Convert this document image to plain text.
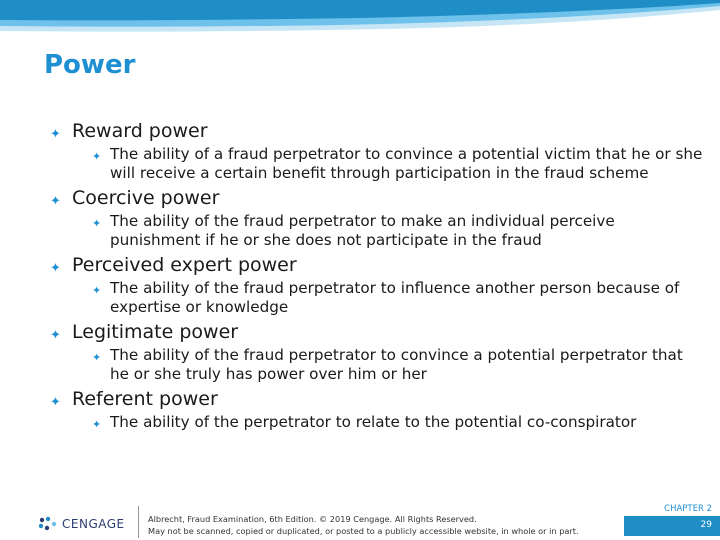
Power
✦ Reward power
✦ The ability of a fraud perpetrator to convince a potential victim that he or she will receive a certain benefit through participation in the fraud scheme
✦ Coercive power
✦ The ability of the fraud perpetrator to make an individual perceive punishment if he or she does not participate in the fraud
✦ Perceived expert power
✦ The ability of the fraud perpetrator to influence another person because of expertise or knowledge
✦ Legitimate power
✦ The ability of the fraud perpetrator to convince a potential perpetrator that he or she truly has power over him or her
✦ Referent power
✦ The ability of the perpetrator to relate to the potential co-conspirator
CENGAGE	Albrecht, Fraud Examination, 6th Edition. © 2019 Cengage. All Rights Reserved.
May not be scanned, copied or duplicated, or posted to a publicly accessible website, in whole or in part.
CHAPTER 2
29
